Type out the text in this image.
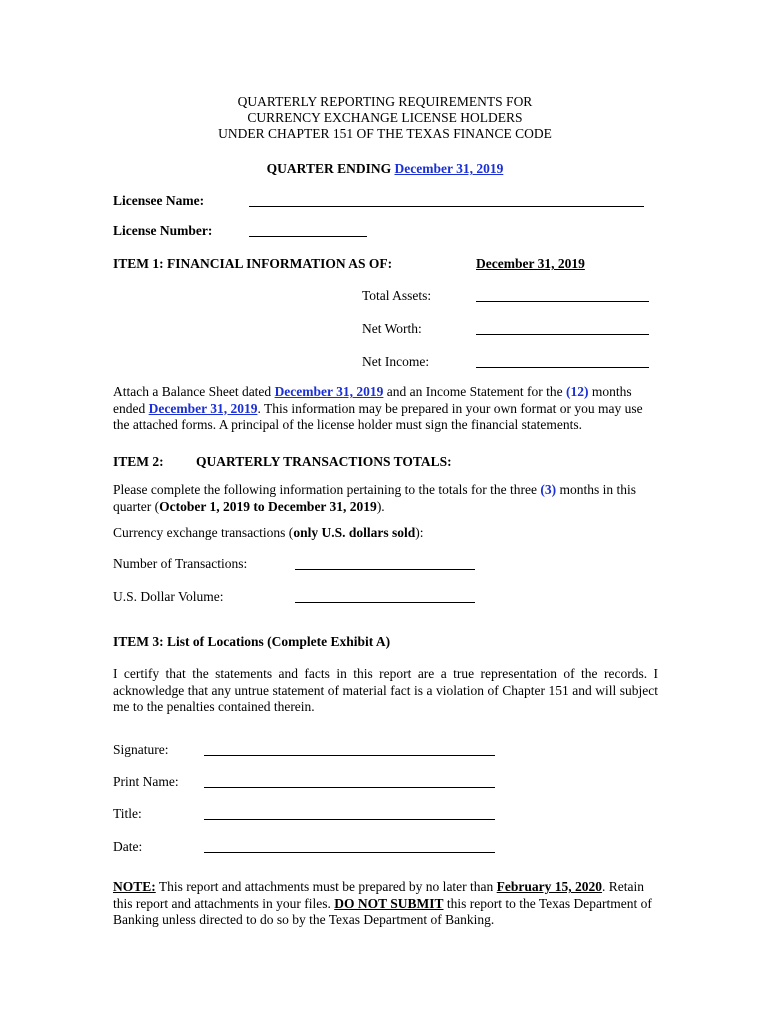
QUARTERLY REPORTING REQUIREMENTS FOR
CURRENCY EXCHANGE LICENSE HOLDERS
UNDER CHAPTER 151 OF THE TEXAS FINANCE CODE
QUARTER ENDING December 31, 2019
Licensee Name:
License Number:
ITEM 1: FINANCIAL INFORMATION AS OF:	December 31, 2019
Total Assets:
Net Worth:
Net Income:
Attach a Balance Sheet dated December 31, 2019 and an Income Statement for the (12) months ended December 31, 2019. This information may be prepared in your own format or you may use the attached forms. A principal of the license holder must sign the financial statements.
ITEM 2: QUARTERLY TRANSACTIONS TOTALS:
Please complete the following information pertaining to the totals for the three (3) months in this quarter (October 1, 2019 to December 31, 2019).
Currency exchange transactions (only U.S. dollars sold):
Number of Transactions:
U.S. Dollar Volume:
ITEM 3: List of Locations (Complete Exhibit A)
I certify that the statements and facts in this report are a true representation of the records. I acknowledge that any untrue statement of material fact is a violation of Chapter 151 and will subject me to the penalties contained therein.
Signature:
Print Name:
Title:
Date:
NOTE: This report and attachments must be prepared by no later than February 15, 2020. Retain this report and attachments in your files. DO NOT SUBMIT this report to the Texas Department of Banking unless directed to do so by the Texas Department of Banking.
